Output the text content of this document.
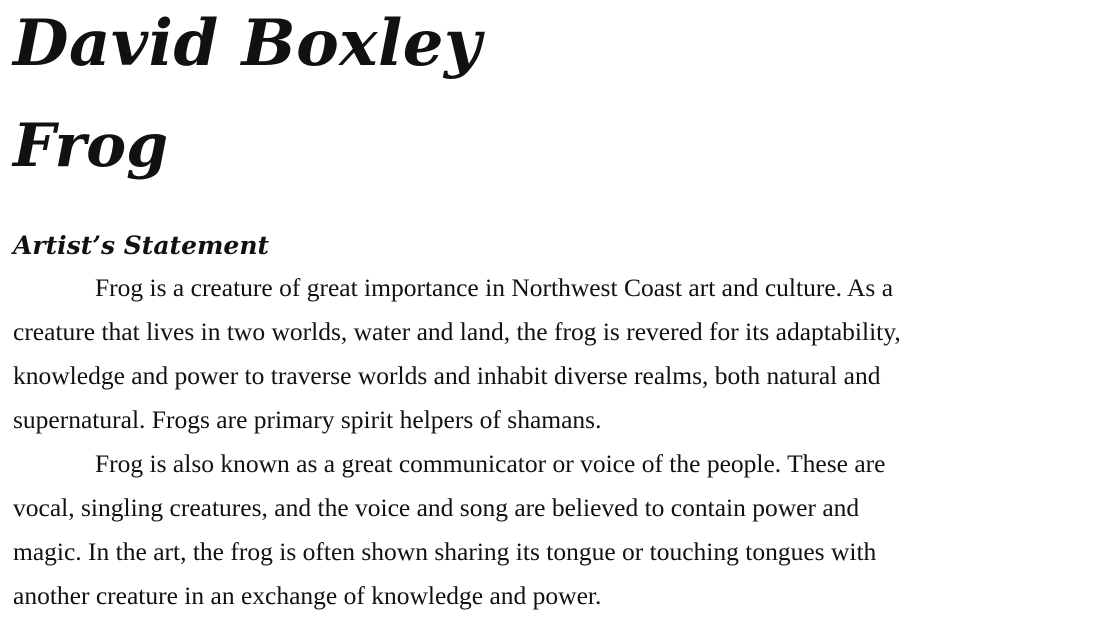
David Boxley
Frog
Artist’s Statement
Frog is a creature of great importance in Northwest Coast art and culture. As a
creature that lives in two worlds, water and land, the frog is revered for its adaptability,
knowledge and power to traverse worlds and inhabit diverse realms, both natural and
supernatural. Frogs are primary spirit helpers of shamans.
Frog is also known as a great communicator or voice of the people. These are
vocal, singling creatures, and the voice and song are believed to contain power and
magic. In the art, the frog is often shown sharing its tongue or touching tongues with
another creature in an exchange of knowledge and power.
